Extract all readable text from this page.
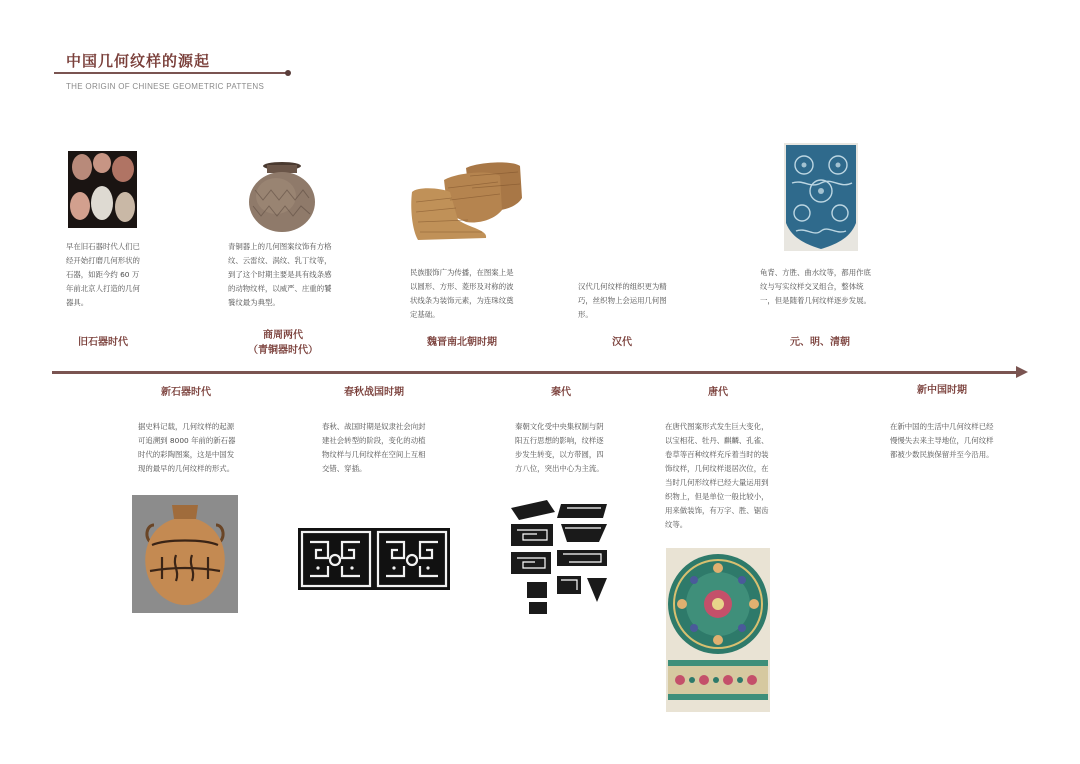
中国几何纹样的源起
THE ORIGIN OF CHINESE GEOMETRIC PATTENS
早在旧石器时代人们已经开始打磨几何形状的石器，如距今约 60 万年前北京人打造的几何器具。
旧石器时代
青铜器上的几何图案纹饰有方格纹、云雷纹、涡纹、乳丁纹等，到了这个时期主要是具有线条感的动物纹样，以威严、庄重的饕餮纹最为典型。
商周两代
（青铜器时代）
民族服饰广为传播，在图案上是以圆形、方形、菱形及对称的波状线条为装饰元素，为连珠纹奠定基础。
魏晋南北朝时期
汉代几何纹样的组织更为精巧，丝织物上会运用几何图形。
汉代
龟背、方胜、曲水纹等，都用作底纹与写实纹样交叉组合，整体统一，但是随着几何纹样逐步发展。
元、明、清朝
新石器时代
据史料记载，几何纹样的起源可追溯到 8000 年前的新石器时代的彩陶图案，这是中国发现的最早的几何纹样的形式。
春秋战国时期
春秋、战国时期是奴隶社会向封建社会转型的阶段，变化的动植物纹样与几何纹样在空间上互相交错、穿插。
秦代
秦朝文化受中央集权制与阴阳五行思想的影响，纹样逐步发生转变，以方带圆，四方八位，突出中心为主流。
唐代
在唐代图案形式发生巨大变化，以宝相花、牡丹、麒麟、孔雀、卷草等百种纹样充斥着当时的装饰纹样，几何纹样退居次位，在当时几何形纹样已经大量运用到织物上，但是单位一般比较小，用来做装饰，有万字、胜、锯齿纹等。
新中国时期
在新中国的生活中几何纹样已经慢慢失去来主导地位，几何纹样都被少数民族保留并至今沿用。
